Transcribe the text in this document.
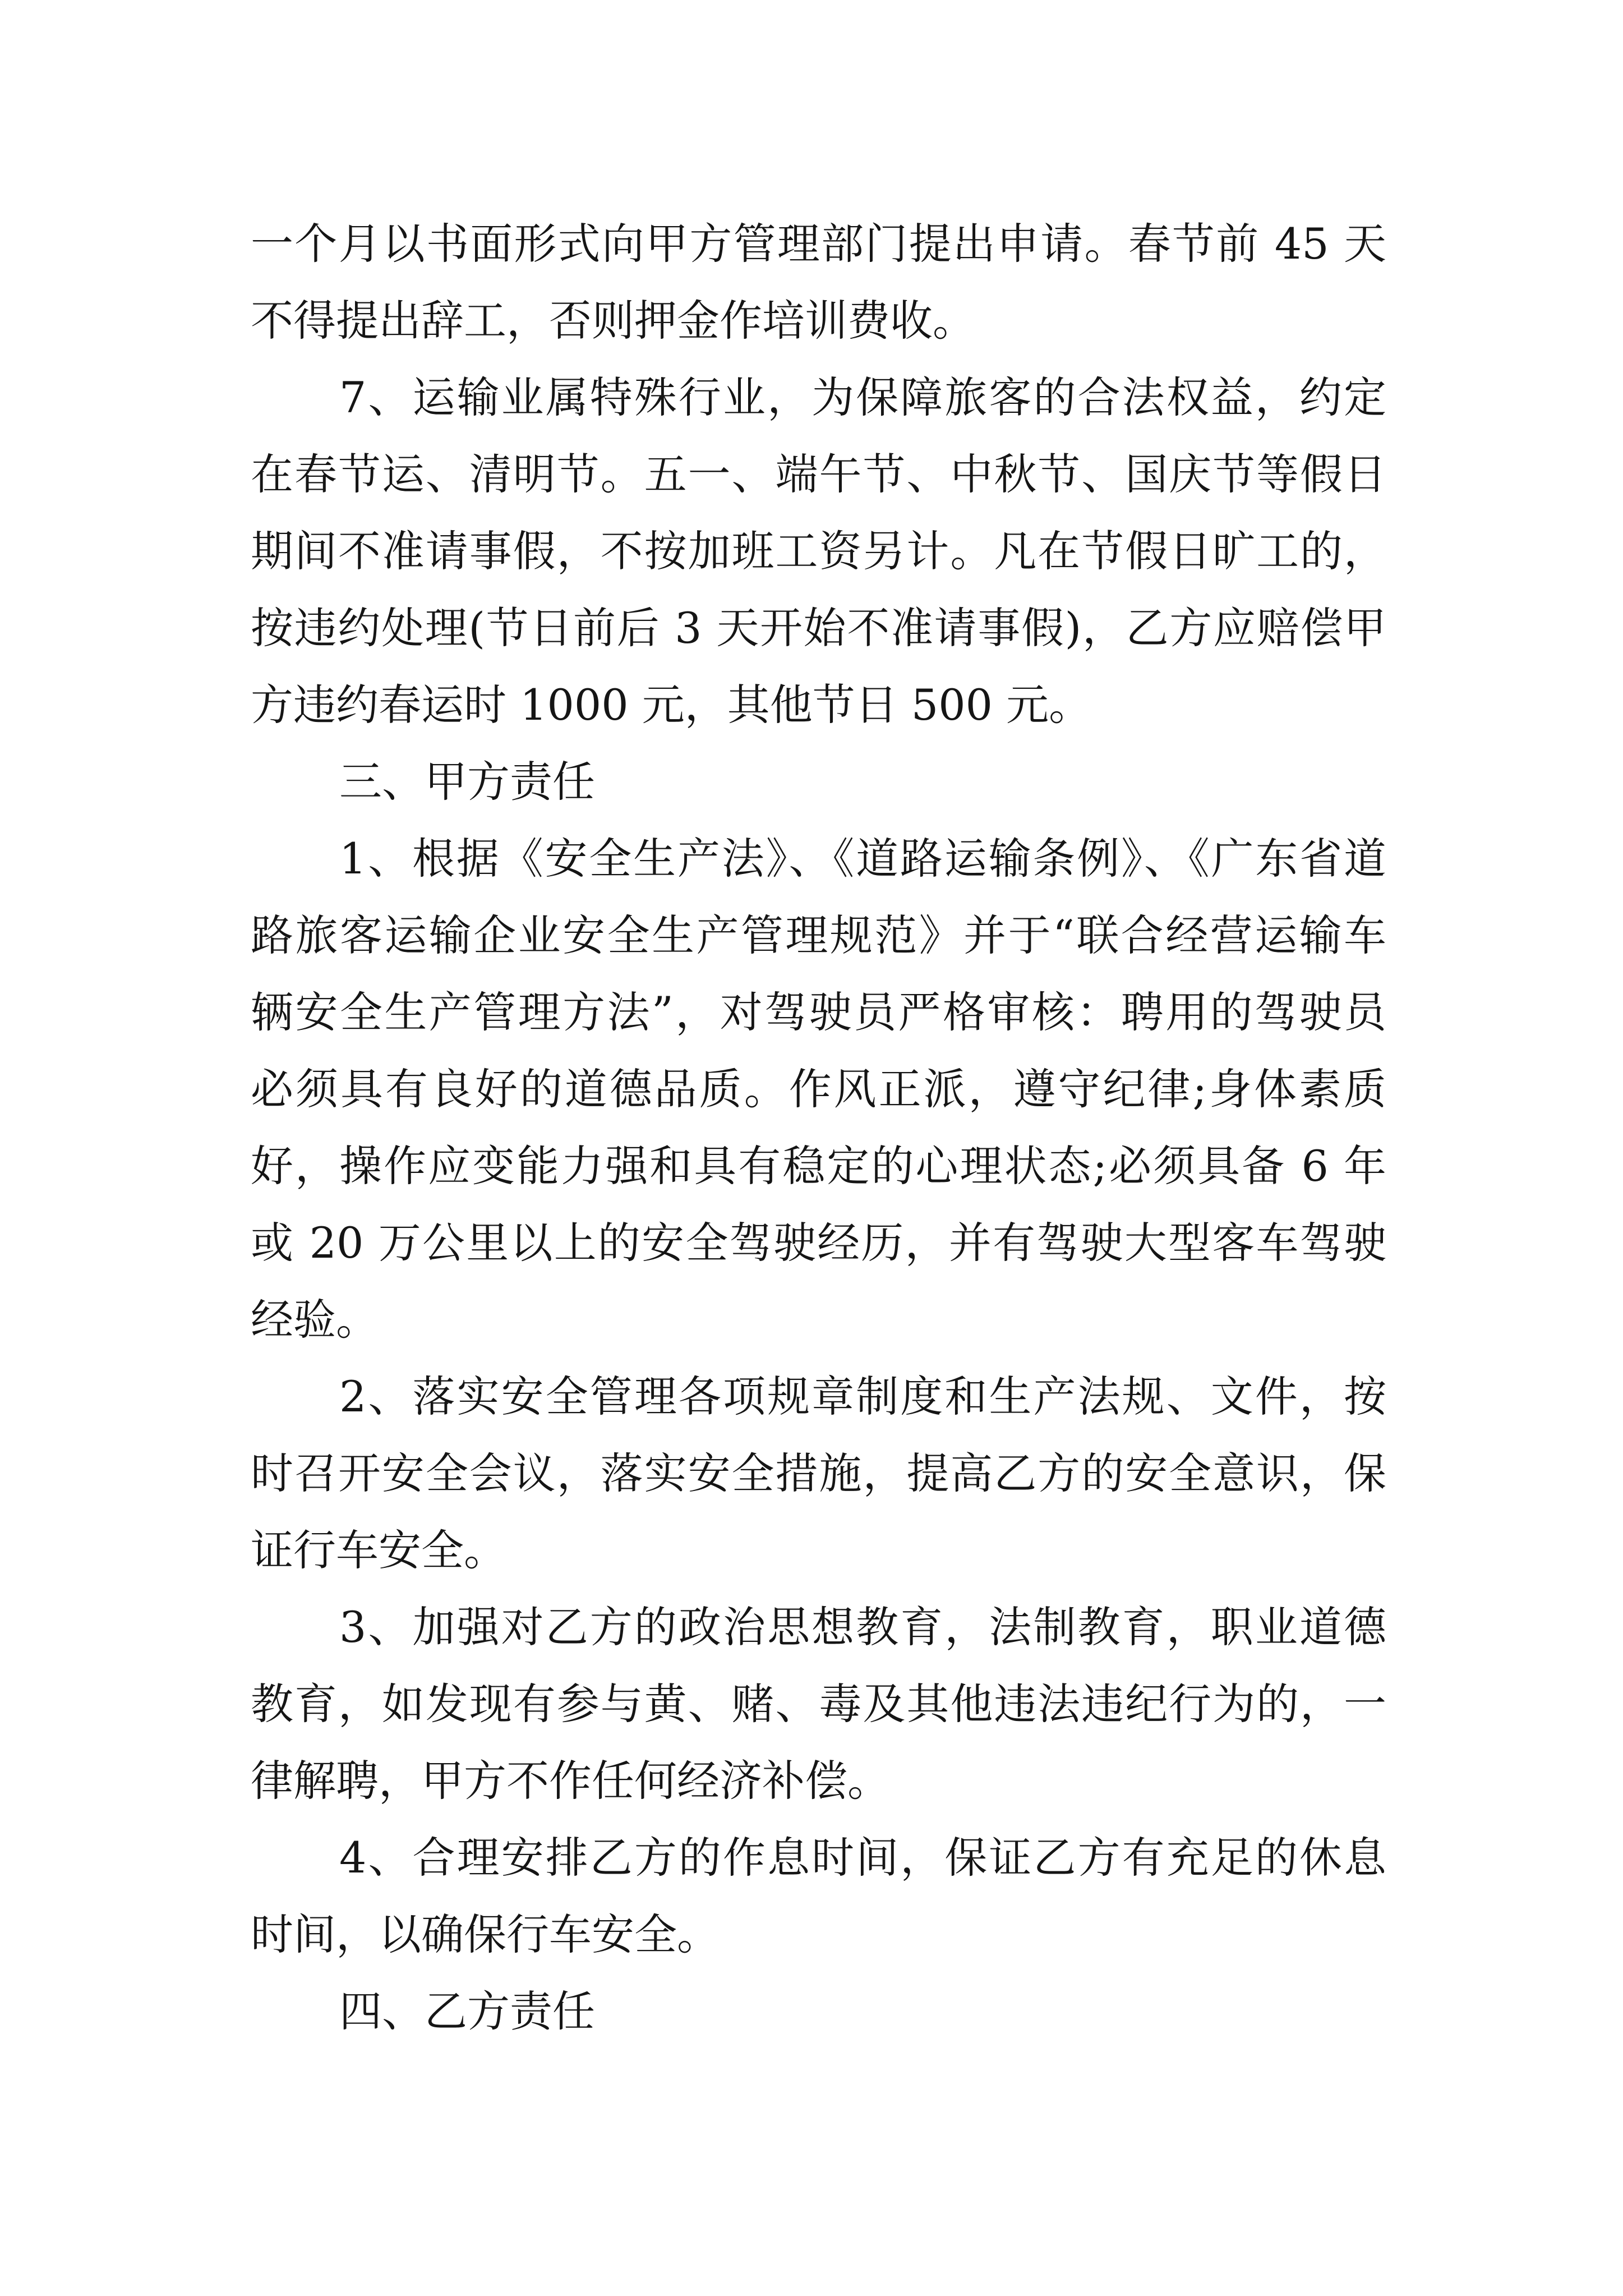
一个月以书面形式向甲方管理部门提出申请。春节前 45 天
不得提出辞工，否则押金作培训费收。
7、运输业属特殊行业，为保障旅客的合法权益，约定
在春节运、清明节。五一、端午节、中秋节、国庆节等假日
期间不准请事假，不按加班工资另计。凡在节假日旷工的，
按违约处理(节日前后 3 天开始不准请事假)，乙方应赔偿甲
方违约春运时 1000 元，其他节日 500 元。
三、甲方责任
1、根据《安全生产法》、《道路运输条例》、《广东省道
路旅客运输企业安全生产管理规范》并于“联合经营运输车
辆安全生产管理方法”，对驾驶员严格审核：聘用的驾驶员
必须具有良好的道德品质。作风正派，遵守纪律;身体素质
好，操作应变能力强和具有稳定的心理状态;必须具备 6 年
或 20 万公里以上的安全驾驶经历，并有驾驶大型客车驾驶
经验。
2、落实安全管理各项规章制度和生产法规、文件，按
时召开安全会议，落实安全措施，提高乙方的安全意识，保
证行车安全。
3、加强对乙方的政治思想教育，法制教育，职业道德
教育，如发现有参与黄、赌、毒及其他违法违纪行为的，一
律解聘，甲方不作任何经济补偿。
4、合理安排乙方的作息时间，保证乙方有充足的休息
时间，以确保行车安全。
四、乙方责任
